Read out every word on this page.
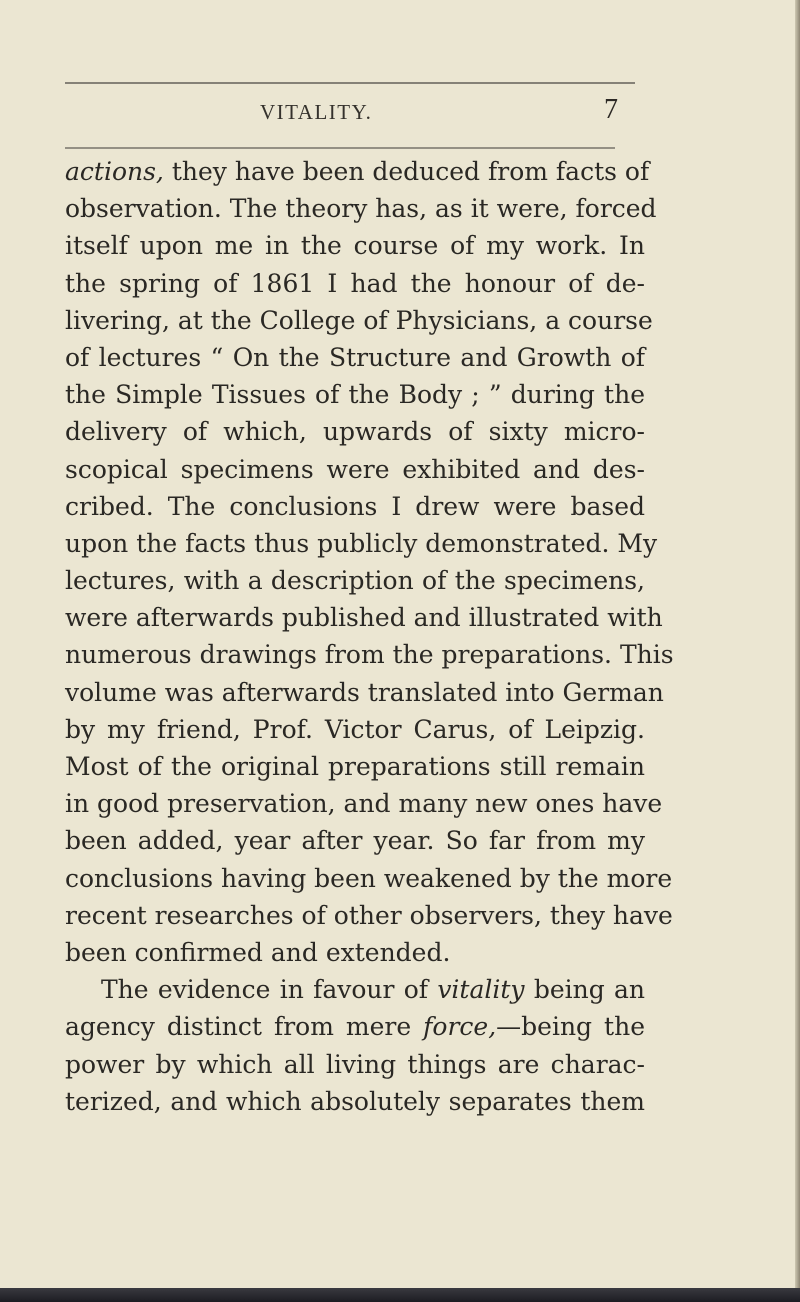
VITALITY.	7
actions, they have been deduced from facts of
observation. The theory has, as it were, forced
itself upon me in the course of my work. In
the spring of 1861 I had the honour of de-
livering, at the College of Physicians, a course
of lectures “ On the Structure and Growth of
the Simple Tissues of the Body ; ” during the
delivery of which, upwards of sixty micro-
scopical specimens were exhibited and des-
cribed. The conclusions I drew were based
upon the facts thus publicly demonstrated. My
lectures, with a description of the specimens,
were afterwards published and illustrated with
numerous drawings from the preparations. This
volume was afterwards translated into German
by my friend, Prof. Victor Carus, of Leipzig.
Most of the original preparations still remain
in good preservation, and many new ones have
been added, year after year. So far from my
conclusions having been weakened by the more
recent researches of other observers, they have
been confirmed and extended.
The evidence in favour of vitality being an
agency distinct from mere force,—being the
power by which all living things are charac-
terized, and which absolutely separates them
